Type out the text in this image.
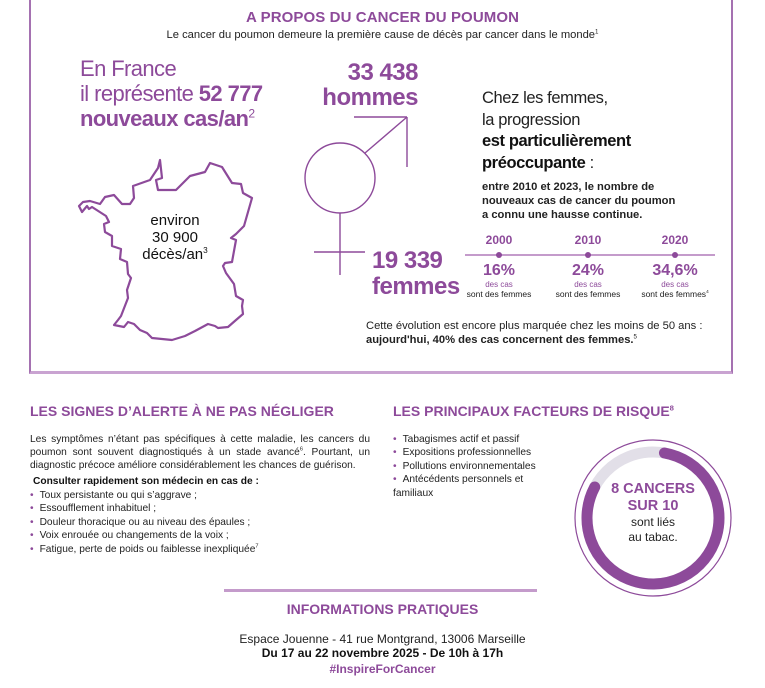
A PROPOS DU CANCER DU POUMON
Le cancer du poumon demeure la première cause de décès par cancer dans le monde$^1$
En France
il représente 52 777
nouveaux cas/$an^2$
environ
30 900
décès/$an^3$
33 438
hommes
19 339
femmes
Chez les femmes,
la progression
est particulièrement
préoccupante :
entre 2010 et 2023, le nombre de
nouveaux cas de cancer du poumon
a connu une hausse continue.
2000
16%
des cas
sont des femmes
2010
24%
des cas
sont des femmes
2020
34,6%
des cas
sont des femmes$^4$
Cette évolution est encore plus marquée chez les moins de 50 ans :
aujourd'hui, 40% des cas concernent des femmes.$^5$
LES SIGNES D’ALERTE À NE PAS NÉGLIGER
Les symptômes n’étant pas spécifiques à cette maladie, les cancers du poumon sont souvent diagnostiqués à un stade avancé$^6$. Pourtant, un diagnostic précoce améliore considérablement les chances de guérison.
Consulter rapidement son médecin en cas de :
• Toux persistante ou qui s’aggrave ;
• Essoufflement inhabituel ;
• Douleur thoracique ou au niveau des épaules ;
• Voix enrouée ou changements de la voix ;
• Fatigue, perte de poids ou faiblesse inexpliquée$^7$
LES PRINCIPAUX FACTEURS DE RISQUE$^8$
• Tabagismes actif et passif
• Expositions professionnelles
• Pollutions environnementales
• Antécédents personnels et familiaux	8 CANCERS
SUR 10
sont liés
au tabac.
INFORMATIONS PRATIQUES
Espace Jouenne - 41 rue Montgrand, 13006 Marseille
Du 17 au 22 novembre 2025 - De 10h à 17h
#InspireForCancer
